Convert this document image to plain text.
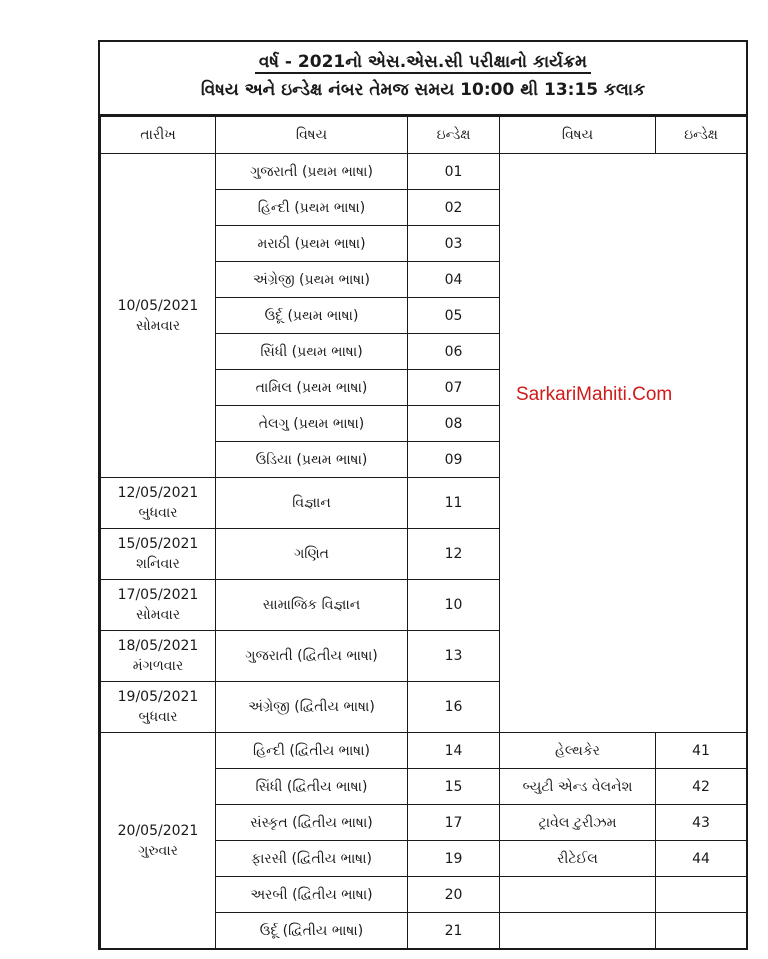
વર્ષ - 2021નો એસ.એસ.સી પરીક્ષાનો કાર્યક્રમ
વિષય અને ઇન્ડેક્ષ નંબર તેમજ સમય 10:00 થી 13:15 કલાક
તારીખ	વિષય	ઇન્ડેક્ષ	વિષય	ઇન્ડેક્ષ

10/05/2021
સોમવાર	ગુજરાતી (પ્રથમ ભાષા)	01		
	હિન્દી (પ્રથમ ભાષા)	02		
	મરાઠી (પ્રથમ ભાષા)	03		
	અંગ્રેજી (પ્રથમ ભાષા)	04		
	ઉર્દૂ (પ્રથમ ભાષા)	05		
	સિંધી (પ્રથમ ભાષા)	06		
	તામિલ (પ્રથમ ભાષા)	07		
	તેલગુ (પ્રથમ ભાષા)	08		
	ઉડિયા (પ્રથમ ભાષા)	09		

12/05/2021
બુધવાર	વિજ્ઞાન	11		

15/05/2021
શનિવાર	ગણિત	12		

17/05/2021
સોમવાર	સામાજિક વિજ્ઞાન	10		

18/05/2021
મંગળવાર	ગુજરાતી (દ્વિતીય ભાષા)	13		

19/05/2021
બુધવાર	અંગ્રેજી (દ્વિતીય ભાષા)	16		

20/05/2021
ગુરુવાર	હિન્દી (દ્વિતીય ભાષા)	14	હેલ્થકેર	41
	સિંધી (દ્વિતીય ભાષા)	15	બ્યુટી એન્ડ વેલનેશ	42
	સંસ્કૃત (દ્વિતીય ભાષા)	17	ટ્રાવેલ ટુરીઝમ	43
	ફારસી (દ્વિતીય ભાષા)	19	રીટેઈલ	44
	અરબી (દ્વિતીય ભાષા)	20		
	ઉર્દૂ (દ્વિતીય ભાષા)	21		
SarkariMahiti.Com
